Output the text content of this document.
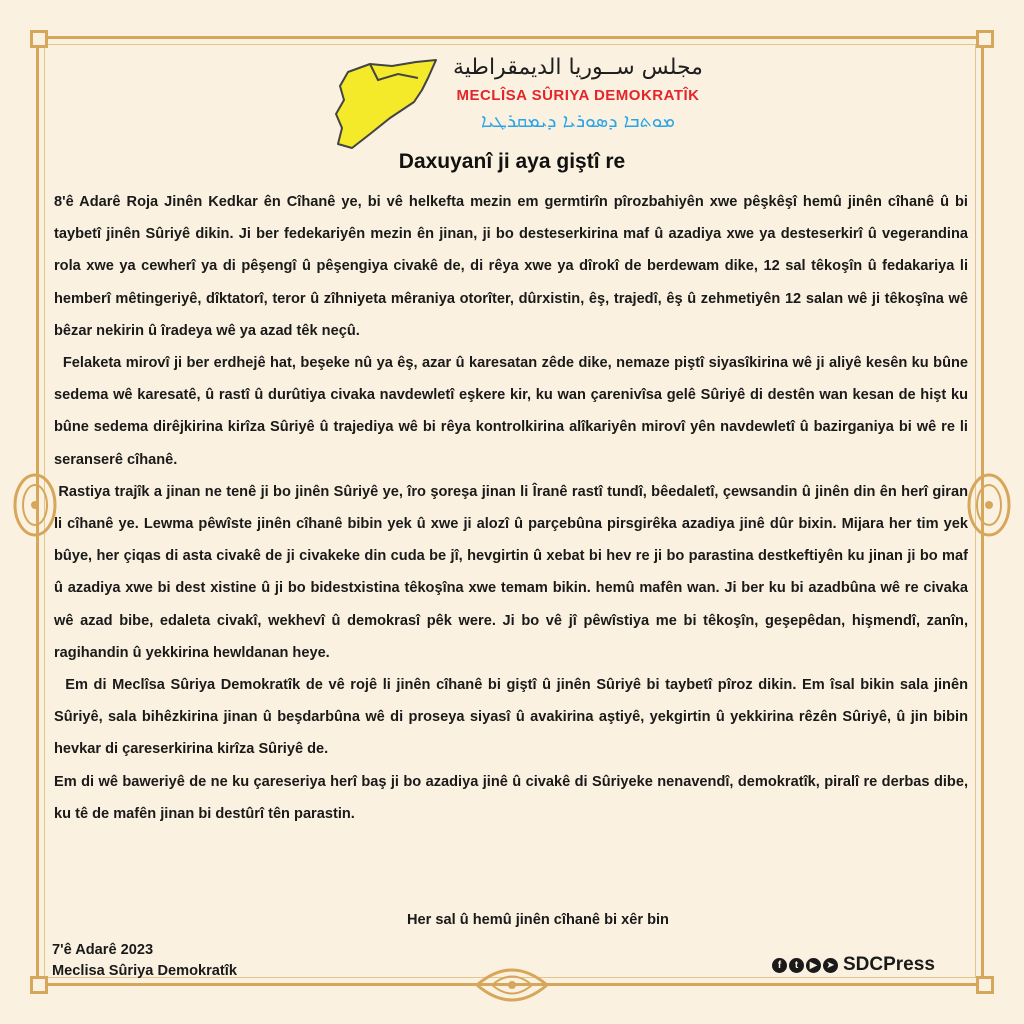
مجلس ســوريا الديمقراطية
MECLÎSA SÛRIYA DEMOKRATÎK
ܡܘܬܒܐ ܕܣܘܪܝܐ ܕܝܡܩܪܛܝܐ
Daxuyanî ji aya giştî re

8'ê Adarê Roja Jinên Kedkar ên Cîhanê ye, bi vê helkefta mezin em germtirîn pîrozbahiyên xwe pêşkêşî hemû jinên cîhanê û bi taybetî jinên Sûriyê dikin. Ji ber fedekariyên mezin ên jinan, ji bo desteserkirina maf û azadiya xwe ya desteserkirî û vegerandina rola xwe ya cewherî ya di pêşengî û pêşengiya civakê de, di rêya xwe ya dîrokî de berdewam dike, 12 sal têkoşîn û fedakariya li hemberî mêtingeriyê, dîktatorî, teror û zîhniyeta mêraniya otorîter, dûrxistin, êş, trajedî, êş û zehmetiyên 12 salan wê ji têkoşîna wê bêzar nekirin û îradeya wê ya azad têk neçû.

Felaketa mirovî ji ber erdhejê hat, beşeke nû ya êş, azar û karesatan zêde dike, nemaze piştî siyasîkirina wê ji aliyê kesên ku bûne sedema wê karesatê, û rastî û durûtiya civaka navdewletî eşkere kir, ku wan çarenivîsa gelê Sûriyê di destên wan kesan de hişt ku bûne sedema dirêjkirina kirîza Sûriyê û trajediya wê bi rêya kontrolkirina alîkariyên mirovî yên navdewletî û bazirganiya bi wê re li seranserê cîhanê.

Rastiya trajîk a jinan ne tenê ji bo jinên Sûriyê ye, îro şoreşa jinan li Îranê rastî tundî, bêedaletî, çewsandin û jinên din ên herî giran li cîhanê ye. Lewma pêwîste jinên cîhanê bibin yek û xwe ji alozî û parçebûna pirsgirêka azadiya jinê dûr bixin. Mijara her tim yek bûye, her çiqas di asta civakê de ji civakeke din cuda be jî, hevgirtin û xebat bi hev re ji bo parastina destkeftiyên ku jinan ji bo maf û azadiya xwe bi dest xistine û ji bo bidestxistina têkoşîna xwe temam bikin. hemû mafên wan. Ji ber ku bi azadbûna wê re civaka wê azad bibe, edaleta civakî, wekhevî û demokrasî pêk were. Ji bo vê jî pêwîstiya me bi têkoşîn, geşepêdan, hişmendî, zanîn, ragihandin û yekkirina hewldanan heye.

Em di Meclîsa Sûriya Demokratîk de vê rojê li jinên cîhanê bi giştî û jinên Sûriyê bi taybetî pîroz dikin. Em îsal bikin sala jinên Sûriyê, sala bihêzkirina jinan û beşdarbûna wê di proseya siyasî û avakirina aştiyê, yekgirtin û yekkirina rêzên Sûriyê, û jin bibin hevkar di çareserkirina kirîza Sûriyê de.

Em di wê baweriyê de ne ku çareseriya herî baş ji bo azadiya jinê û civakê di Sûriyeke nenavendî, demokratîk, piralî re derbas dibe, ku tê de mafên jinan bi destûrî tên parastin.

Her sal û hemû jinên cîhanê bi xêr bin
7'ê Adarê 2023
Meclisa Sûriya Demokratîk	f	t	▶ ➤ SDCPress
